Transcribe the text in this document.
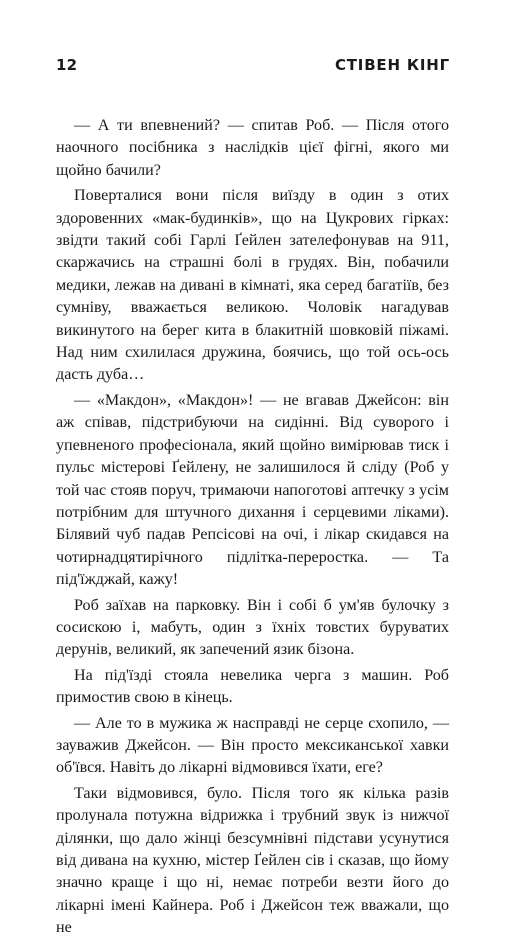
12	СТІВЕН КІНГ

— А ти впевнений? — спитав Роб. — Після отого наочного посібника з наслідків цієї фігні, якого ми щойно бачили?

Поверталися вони після виїзду в один з отих здоровенних «мак-будинків», що на Цукрових гірках: звідти такий собі Гарлі Ґейлен зателефонував на 911, скаржачись на страшні болі в грудях. Він, побачили медики, лежав на дивані в кімнаті, яка серед багатіїв, без сумніву, вважається великою. Чоловік нагадував викинутого на берег кита в блакитній шовковій піжамі. Над ним схилилася дружина, боячись, що той ось-ось дасть дуба…

— «Макдон», «Макдон»! — не вгавав Джейсон: він аж співав, підстрибуючи на сидінні. Від суворого і упевненого професіонала, який щойно вимірював тиск і пульс містерові Ґейлену, не залишилося й сліду (Роб у той час стояв поруч, тримаючи напоготові аптечку з усім потрібним для штучного дихання і серцевими ліками). Білявий чуб падав Репсісові на очі, і лікар скидався на чотирнадцятирічного підлітка-переростка. — Та під'їжджай, кажу!

Роб заїхав на парковку. Він і собі б ум'яв булочку з сосискою і, мабуть, один з їхніх товстих буруватих дерунів, великий, як запечений язик бізона.

На під'їзді стояла невелика черга з машин. Роб примостив свою в кінець.

— Але то в мужика ж насправді не серце схопило, — зауважив Джейсон. — Він просто мексиканської хавки об'ївся. Навіть до лікарні відмовився їхати, еге?

Таки відмовився, було. Після того як кілька разів пролунала потужна відрижка і трубний звук із нижчої ділянки, що дало жінці безсумнівні підстави усунутися від дивана на кухню, містер Ґейлен сів і сказав, що йому значно краще і що ні, немає потреби везти його до лікарні імені Кайнера. Роб і Джейсон теж вважали, що не
